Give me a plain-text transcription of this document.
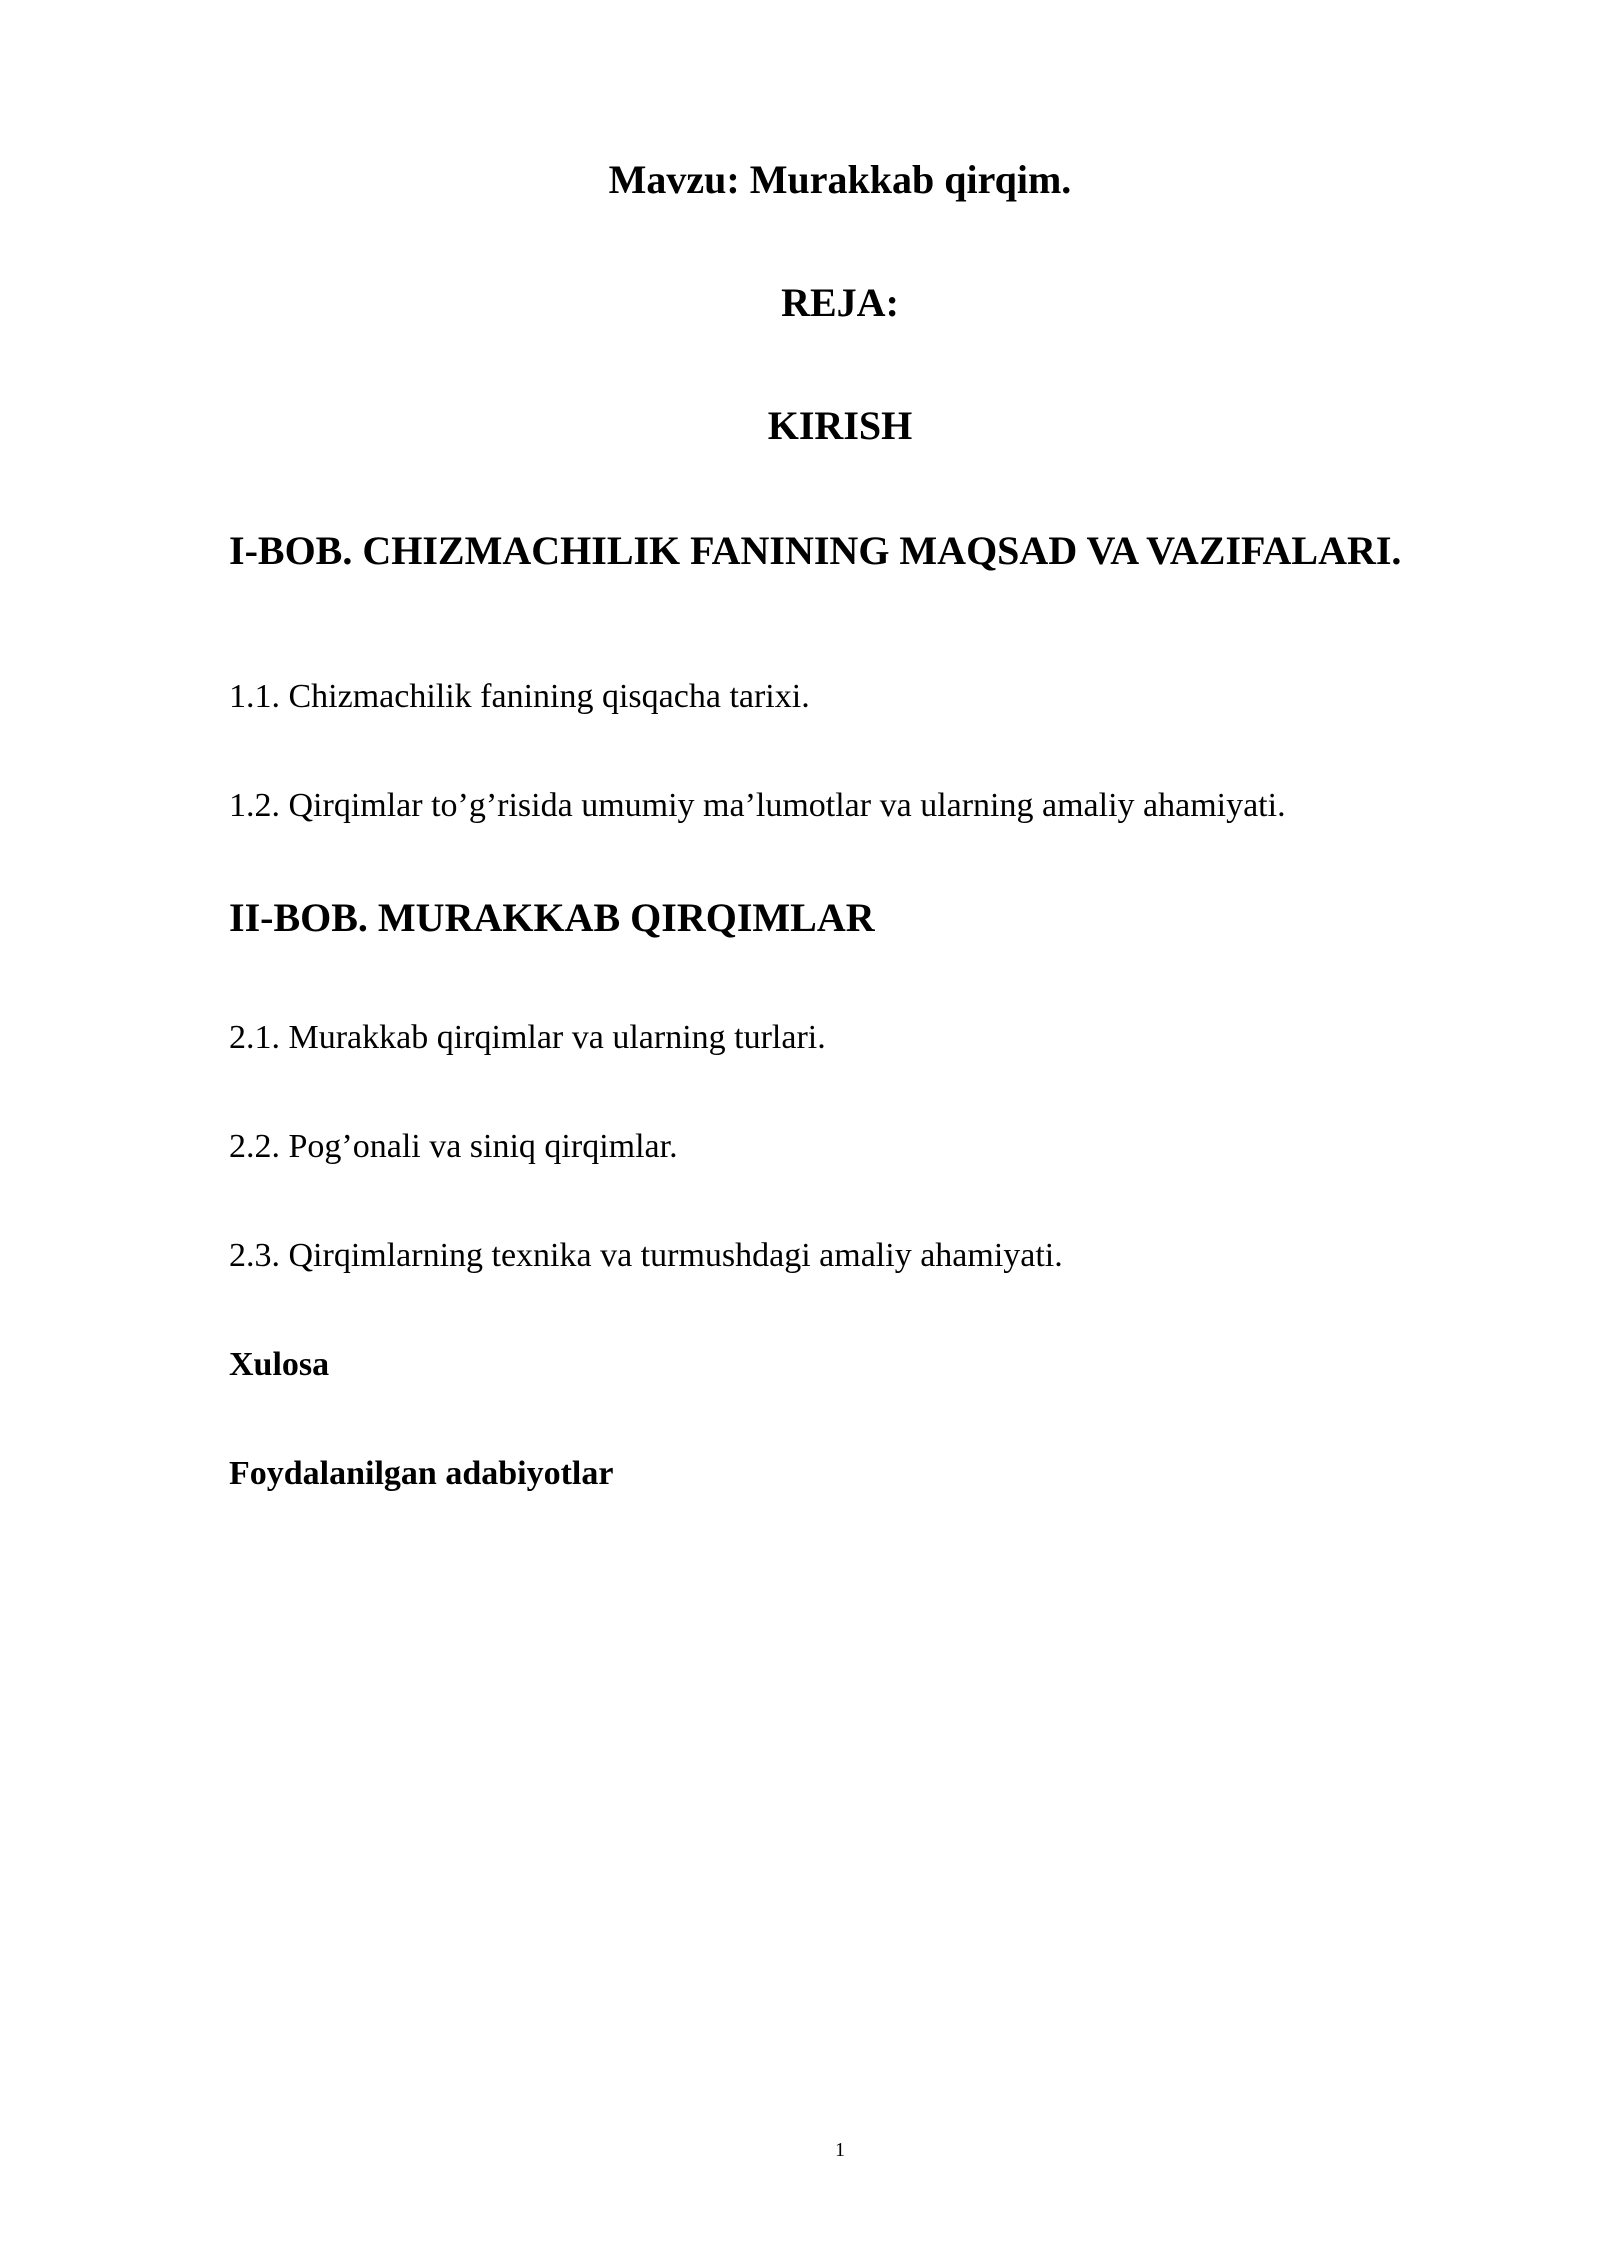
Mavzu: Murakkab qirqim.
REJA:
KIRISH
I-BOB. CHIZMACHILIK FANINING MAQSAD VA VAZIFALARI.
1.1. Chizmachilik fanining qisqacha tarixi.
1.2. Qirqimlar to’g’risida umumiy ma’lumotlar va ularning amaliy ahamiyati.
II-BOB. MURAKKAB QIRQIMLAR
2.1. Murakkab qirqimlar va ularning turlari.
2.2. Pog’onali va siniq qirqimlar.
2.3. Qirqimlarning texnika va turmushdagi amaliy ahamiyati.
Xulosa
Foydalanilgan adabiyotlar
1
